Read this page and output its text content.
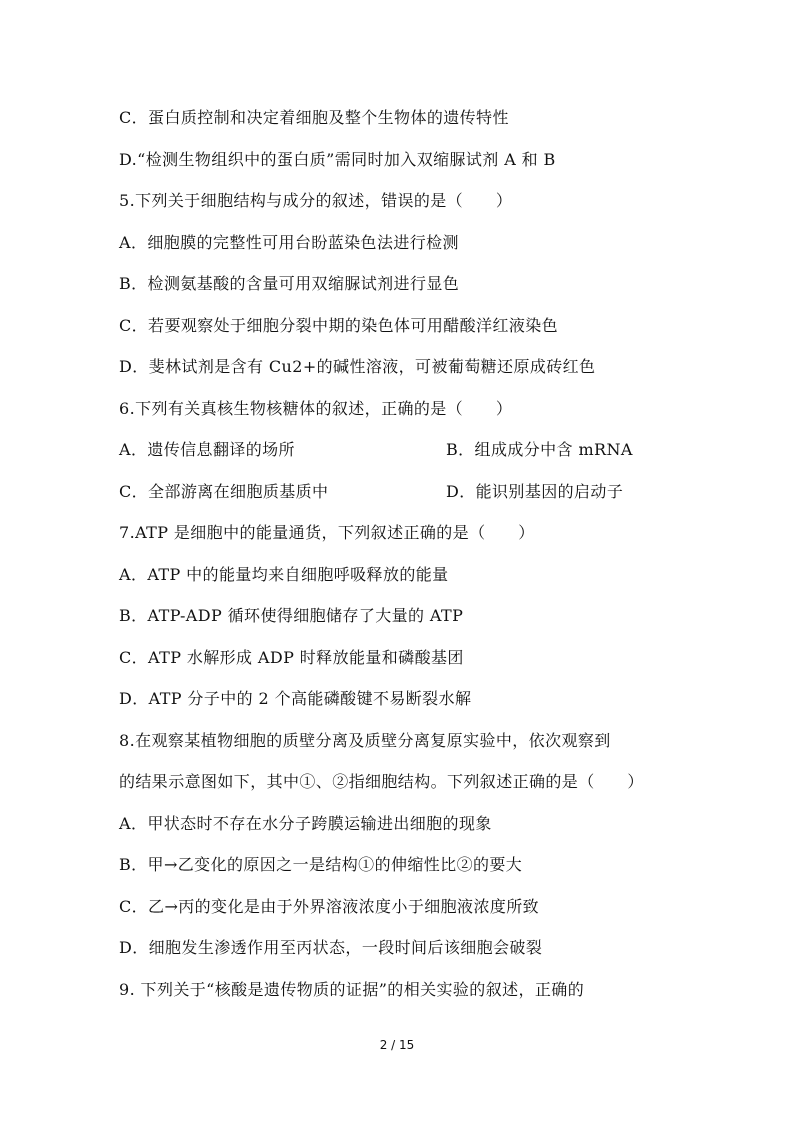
C．蛋白质控制和决定着细胞及整个生物体的遗传特性
D.“检测生物组织中的蛋白质”需同时加入双缩脲试剂 A 和 B
5.下列关于细胞结构与成分的叙述，错误的是（　　）
A．细胞膜的完整性可用台盼蓝染色法进行检测
B．检测氨基酸的含量可用双缩脲试剂进行显色
C．若要观察处于细胞分裂中期的染色体可用醋酸洋红液染色
D．斐林试剂是含有 Cu2+的碱性溶液，可被葡萄糖还原成砖红色
6.下列有关真核生物核糖体的叙述，正确的是（　　）
A．遗传信息翻译的场所	B．组成成分中含 mRNA
C．全部游离在细胞质基质中	D．能识别基因的启动子
7.ATP 是细胞中的能量通货，下列叙述正确的是（　　）
A．ATP 中的能量均来自细胞呼吸释放的能量
B．ATP-ADP 循环使得细胞储存了大量的 ATP
C．ATP 水解形成 ADP 时释放能量和磷酸基团
D．ATP 分子中的 2 个高能磷酸键不易断裂水解
8.在观察某植物细胞的质壁分离及质壁分离复原实验中，依次观察到
的结果示意图如下，其中①、②指细胞结构。下列叙述正确的是（　　）
A．甲状态时不存在水分子跨膜运输进出细胞的现象
B．甲→乙变化的原因之一是结构①的伸缩性比②的要大
C．乙→丙的变化是由于外界溶液浓度小于细胞液浓度所致
D．细胞发生渗透作用至丙状态，一段时间后该细胞会破裂
9. 下列关于“核酸是遗传物质的证据”的相关实验的叙述，正确的
2 / 15
